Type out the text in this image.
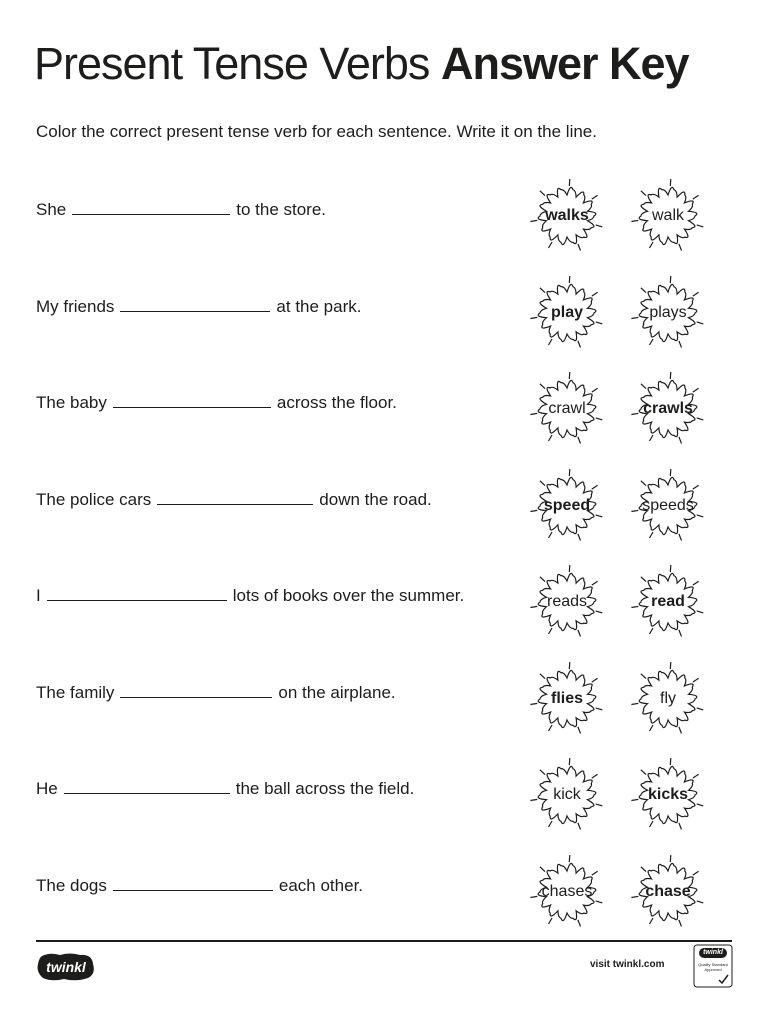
Present Tense Verbs Answer Key
Color the correct present tense verb for each sentence. Write it on the line.
She	to the store.	walks	walk
My friends	at the park.	play	plays
The baby	across the floor.	crawl	crawls
The police cars	down the road.	speed	speeds
I	lots of books over the summer.	reads	read
The family	on the airplane.	flies	fly
He	the ball across the field.	kick	kicks
The dogs	each other.	chases	chase
twinkl	visit twinkl.com
twinkl
Quality Standard Approved
